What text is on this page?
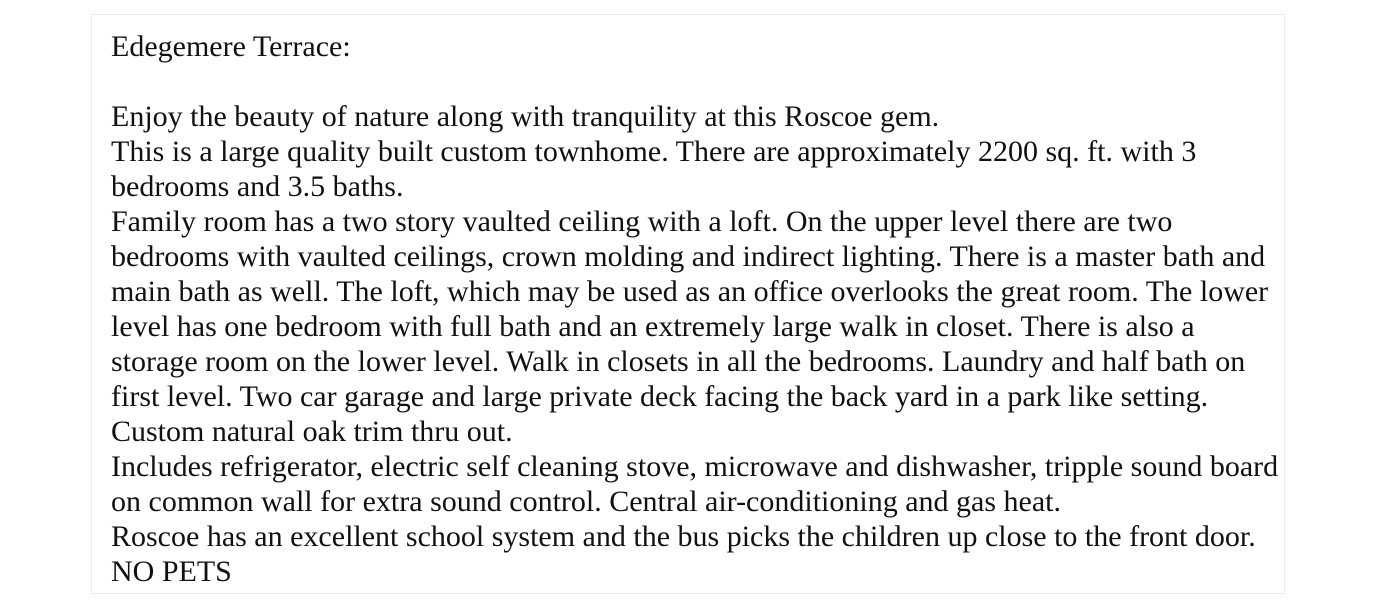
Edegemere Terrace:
Enjoy the beauty of nature along with tranquility at this Roscoe gem.
This is a large quality built custom townhome. There are approximately 2200 sq. ft. with 3
bedrooms and 3.5 baths.
Family room has a two story vaulted ceiling with a loft. On the upper level there are two
bedrooms with vaulted ceilings, crown molding and indirect lighting. There is a master bath and
main bath as well. The loft, which may be used as an office overlooks the great room. The lower
level has one bedroom with full bath and an extremely large walk in closet. There is also a
storage room on the lower level. Walk in closets in all the bedrooms. Laundry and half bath on
first level. Two car garage and large private deck facing the back yard in a park like setting.
Custom natural oak trim thru out.
Includes refrigerator, electric self cleaning stove, microwave and dishwasher, tripple sound board
on common wall for extra sound control. Central air-conditioning and gas heat.
Roscoe has an excellent school system and the bus picks the children up close to the front door.
NO PETS
